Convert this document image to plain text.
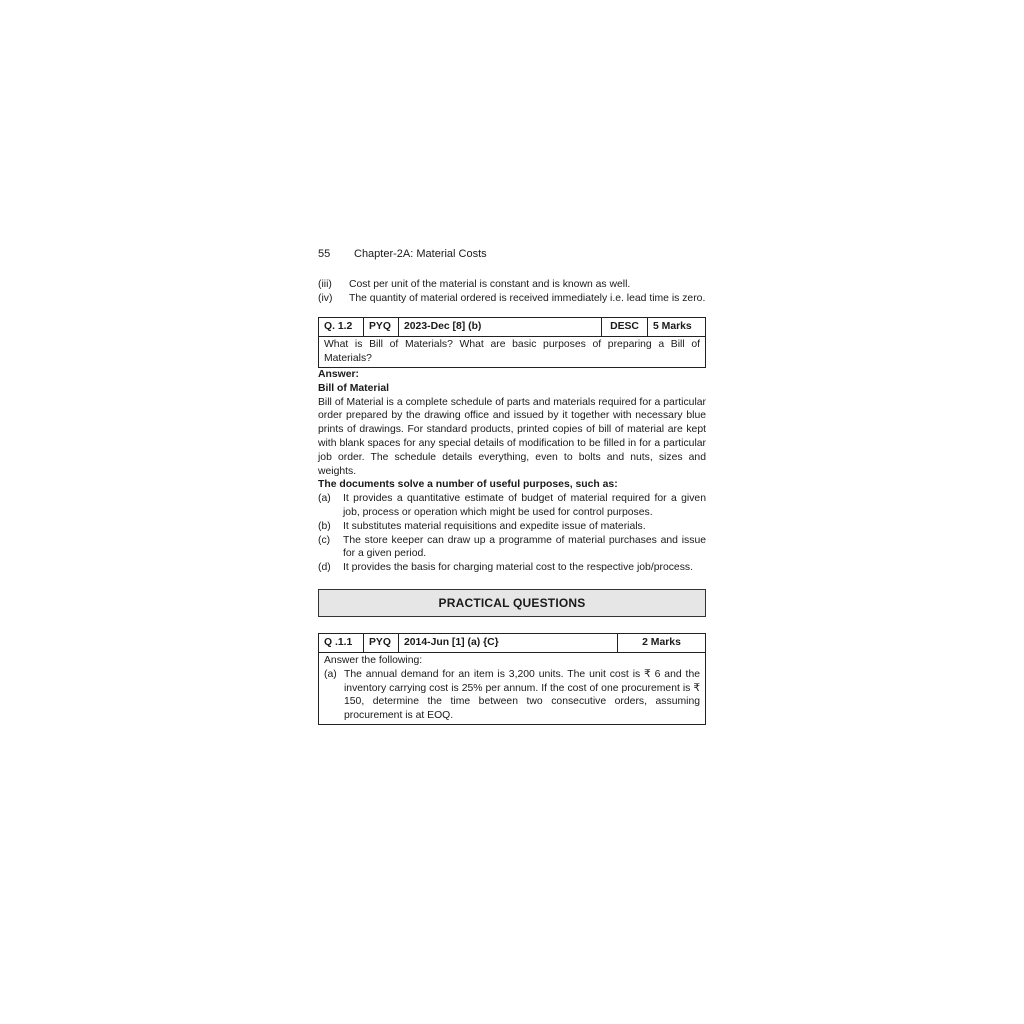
55	Chapter-2A: Material Costs
(iii)	Cost per unit of the material is constant and is known as well.
(iv)	The quantity of material ordered is received immediately i.e. lead time is zero.
Q. 1.2	PYQ	2023-Dec [8] (b)	DESC	5 Marks
What is Bill of Materials? What are basic purposes of preparing a Bill of Materials?
Answer:
Bill of Material
Bill of Material is a complete schedule of parts and materials required for a particular order prepared by the drawing office and issued by it together with necessary blue prints of drawings. For standard products, printed copies of bill of material are kept with blank spaces for any special details of modification to be filled in for a particular job order. The schedule details everything, even to bolts and nuts, sizes and weights.
The documents solve a number of useful purposes, such as:
(a)	It provides a quantitative estimate of budget of material required for a given job, process or operation which might be used for control purposes.
(b)	It substitutes material requisitions and expedite issue of materials.
(c)	The store keeper can draw up a programme of material purchases and issue for a given period.
(d)	It provides the basis for charging material cost to the respective job/process.
PRACTICAL QUESTIONS
Q .1.1	PYQ	2014-Jun [1] (a) {C}	2 Marks
Answer the following:
(a) The annual demand for an item is 3,200 units. The unit cost is ₹ 6 and the inventory carrying cost is 25% per annum. If the cost of one procurement is ₹ 150, determine the time between two consecutive orders, assuming procurement is at EOQ.
